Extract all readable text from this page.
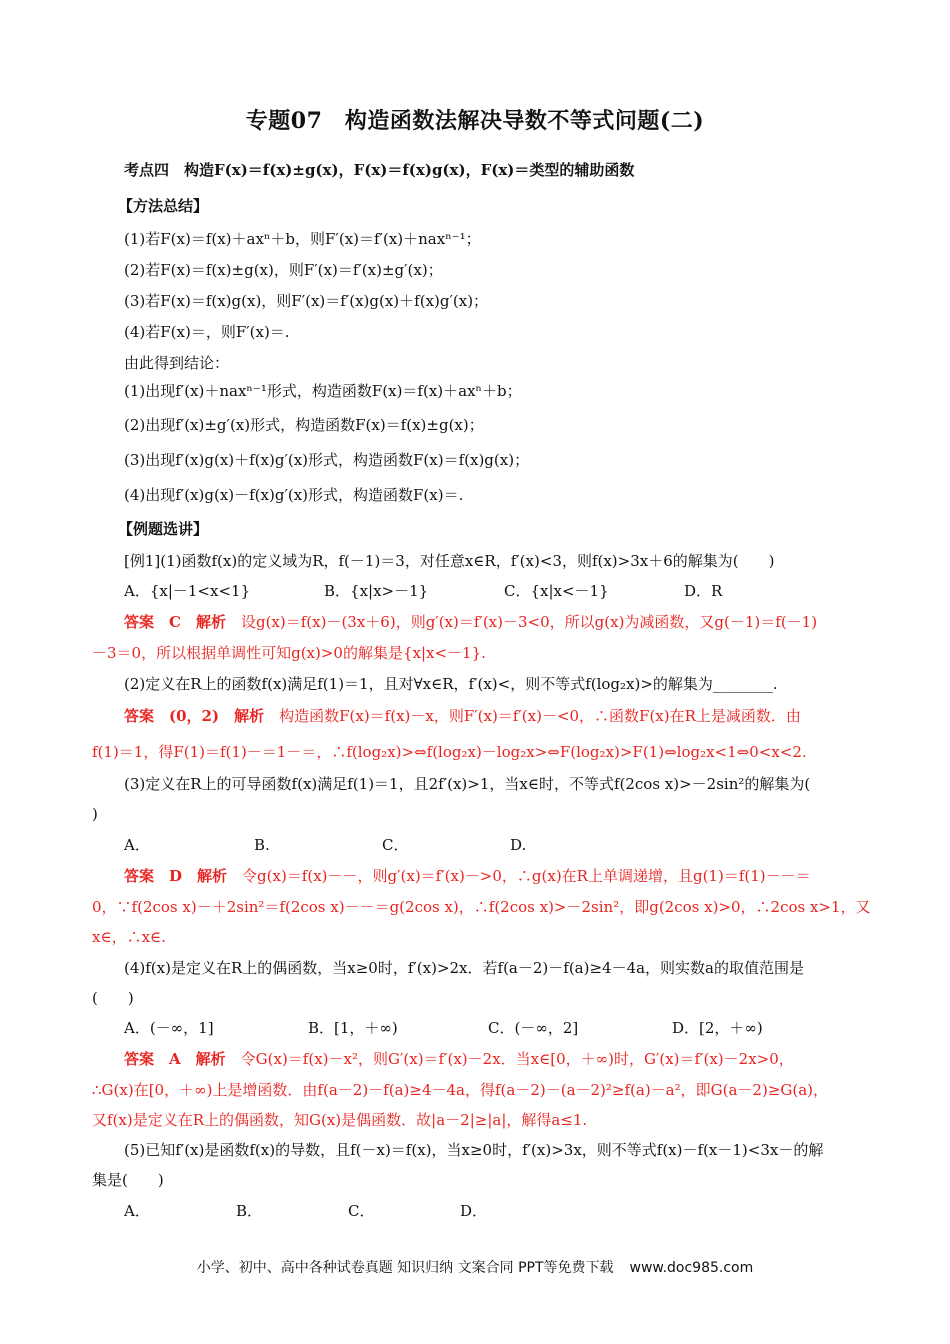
专题07　构造函数法解决导数不等式问题(二)
考点四　构造F(x)＝f(x)±g(x)，F(x)＝f(x)g(x)，F(x)＝类型的辅助函数
【方法总结】
(1)若F(x)＝f(x)＋axⁿ＋b，则F′(x)＝f′(x)＋naxⁿ⁻¹；
(2)若F(x)＝f(x)±g(x)，则F′(x)＝f′(x)±g′(x)；
(3)若F(x)＝f(x)g(x)，则F′(x)＝f′(x)g(x)＋f(x)g′(x)；
(4)若F(x)＝，则F′(x)＝.
由此得到结论：
(1)出现f′(x)＋naxⁿ⁻¹形式，构造函数F(x)＝f(x)＋axⁿ＋b；
(2)出现f′(x)±g′(x)形式，构造函数F(x)＝f(x)±g(x)；
(3)出现f′(x)g(x)＋f(x)g′(x)形式，构造函数F(x)＝f(x)g(x)；
(4)出现f′(x)g(x)－f(x)g′(x)形式，构造函数F(x)＝.
【例题选讲】
[例1](1)函数f(x)的定义域为R，f(－1)＝3，对任意x∈R，f′(x)<3，则f(x)>3x＋6的解集为(　　)
A．{x|－1<x<1}	B．{x|x>－1}	C．{x|x<－1}	D．R
答案　C　解析　 设g(x)＝f(x)－(3x＋6)，则g′(x)＝f′(x)－3<0，所以g(x)为减函数，又g(－1)＝f(－1)
－3＝0，所以根据单调性可知g(x)>0的解集是{x|x<－1}.
(2)定义在R上的函数f(x)满足f(1)＝1，且对∀x∈R，f′(x)<，则不等式f(log₂x)>的解集为________.
答案　(0，2)　解析　 构造函数F(x)＝f(x)－x，则F′(x)＝f′(x)－<0，∴函数F(x)在R上是减函数．由
f(1)＝1，得F(1)＝f(1)－＝1－＝，∴f(log₂x)>⇔f(log₂x)－log₂x>⇔F(log₂x)>F(1)⇔log₂x<1⇔0<x<2.
(3)定义在R上的可导函数f(x)满足f(1)＝1，且2f′(x)>1，当x∈时，不等式f(2cos x)>－2sin²的解集为(
)
A．	B.	C．	D.
答案　D　解析　 令g(x)＝f(x)－－，则g′(x)＝f′(x)－>0，∴g(x)在R上单调递增，且g(1)＝f(1)－－＝
0，∵f(2cos x)－＋2sin²＝f(2cos x)－－＝g(2cos x)，∴f(2cos x)>－2sin²，即g(2cos x)>0，∴2cos x>1，又
x∈，∴x∈.
(4)f(x)是定义在R上的偶函数，当x≥0时，f′(x)>2x．若f(a－2)－f(a)≥4－4a，则实数a的取值范围是
(　　)
A．(－∞，1]	B．[1，＋∞)	C．(－∞，2]	D．[2，＋∞)
答案　A　解析　 令G(x)＝f(x)－x²，则G′(x)＝f′(x)－2x．当x∈[0，＋∞)时，G′(x)＝f′(x)－2x>0，
∴G(x)在[0，＋∞)上是增函数．由f(a－2)－f(a)≥4－4a，得f(a－2)－(a－2)²≥f(a)－a²，即G(a－2)≥G(a)，
又f(x)是定义在R上的偶函数，知G(x)是偶函数．故|a－2|≥|a|，解得a≤1.
(5)已知f′(x)是函数f(x)的导数，且f(－x)＝f(x)，当x≥0时，f′(x)>3x，则不等式f(x)－f(x－1)<3x－的解
集是(　　)
A．	B．	C．	D．
小学、初中、高中各种试卷真题 知识归纳 文案合同 PPT等免费下载 www.doc985.com
